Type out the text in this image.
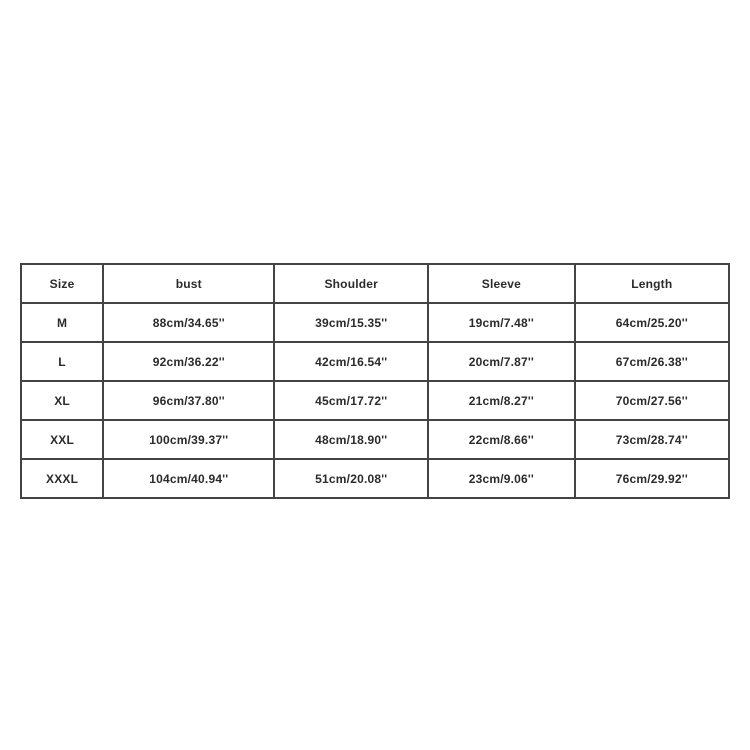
Size	bust	Shoulder	Sleeve	Length
M	88cm/34.65''	39cm/15.35''	19cm/7.48''	64cm/25.20''
L	92cm/36.22''	42cm/16.54''	20cm/7.87''	67cm/26.38''
XL	96cm/37.80''	45cm/17.72''	21cm/8.27''	70cm/27.56''
XXL	100cm/39.37''	48cm/18.90''	22cm/8.66''	73cm/28.74''
XXXL	104cm/40.94''	51cm/20.08''	23cm/9.06''	76cm/29.92''
